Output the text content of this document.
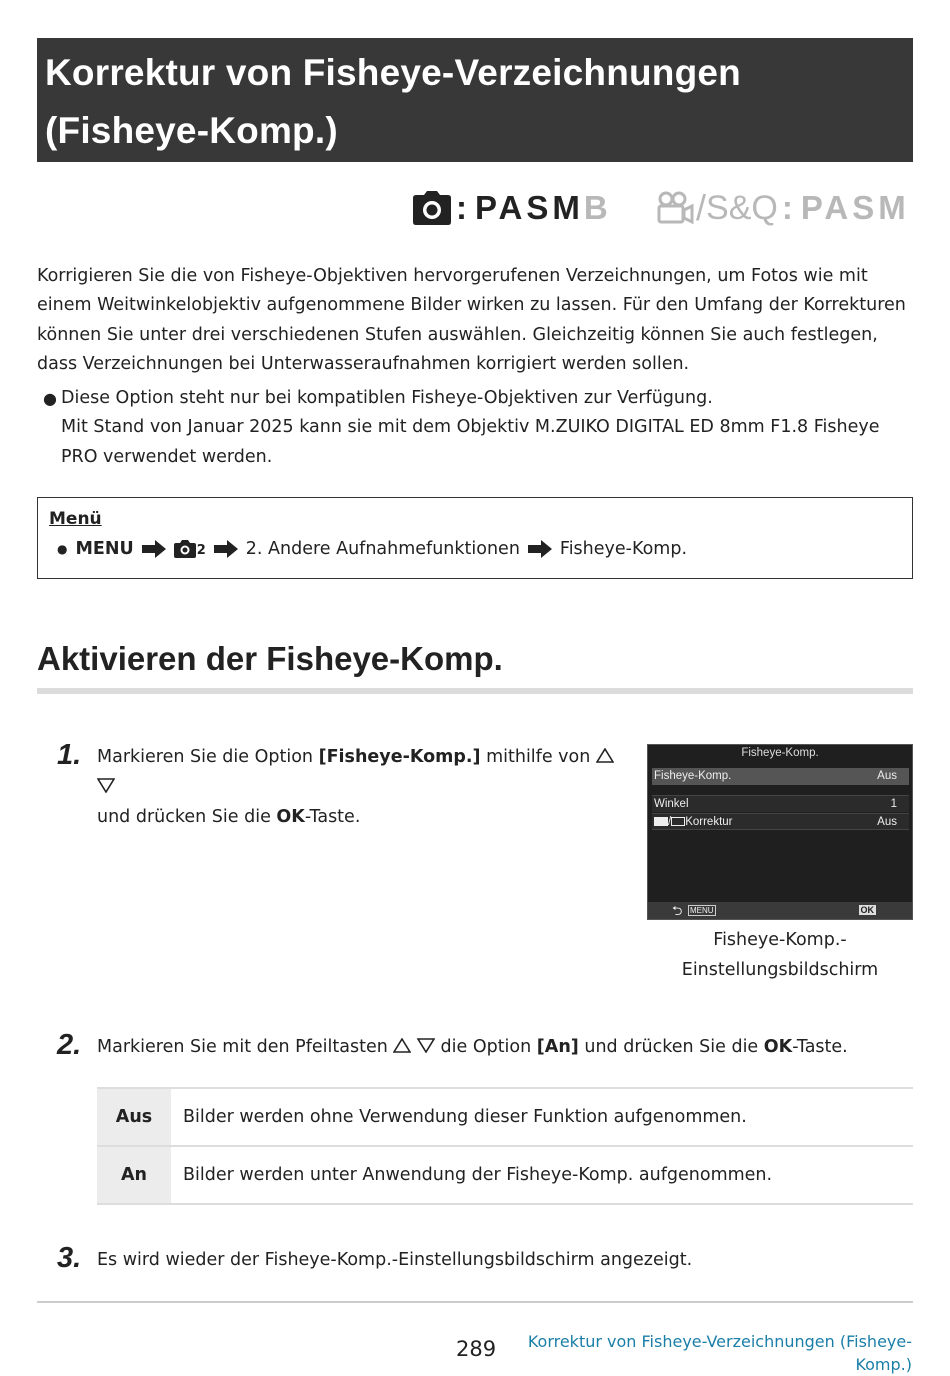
Korrektur von Fisheye-Verzeichnungen
(Fisheye-Komp.)
: PASM B / S&Q : PASM
Korrigieren Sie die von Fisheye-Objektiven hervorgerufenen Verzeichnungen, um Fotos wie mit einem Weitwinkelobjektiv aufgenommene Bilder wirken zu lassen. Für den Umfang der Korrekturen können Sie unter drei verschiedenen Stufen auswählen. Gleichzeitig können Sie auch festlegen, dass Verzeichnungen bei Unterwasseraufnahmen korrigiert werden sollen.
● Diese Option steht nur bei kompatiblen Fisheye-Objektiven zur Verfügung.
Mit Stand von Januar 2025 kann sie mit dem Objektiv M.ZUIKO DIGITAL ED 8mm F1.8 Fisheye PRO verwendet werden.
Menü
● MENU	2 2. Andere Aufnahmefunktionen Fisheye-Komp.
Aktivieren der Fisheye-Komp.
1. Markieren Sie die Option [Fisheye-Komp.] mithilfe von
und drücken Sie die OK-Taste.
Fisheye-Komp.
Fisheye-Komp.	Aus
Winkel	1
/ Korrektur	Aus
⮌ MENU	OK
Fisheye-Komp.-
Einstellungsbildschirm
2. Markieren Sie mit den Pfeiltasten   die Option [An] und drücken Sie die OK-Taste.
Aus	Bilder werden ohne Verwendung dieser Funktion aufgenommen.
An	Bilder werden unter Anwendung der Fisheye-Komp. aufgenommen.
3. Es wird wieder der Fisheye-Komp.-Einstellungsbildschirm angezeigt.
289	Korrektur von Fisheye-Verzeichnungen (Fisheye-
Komp.)
